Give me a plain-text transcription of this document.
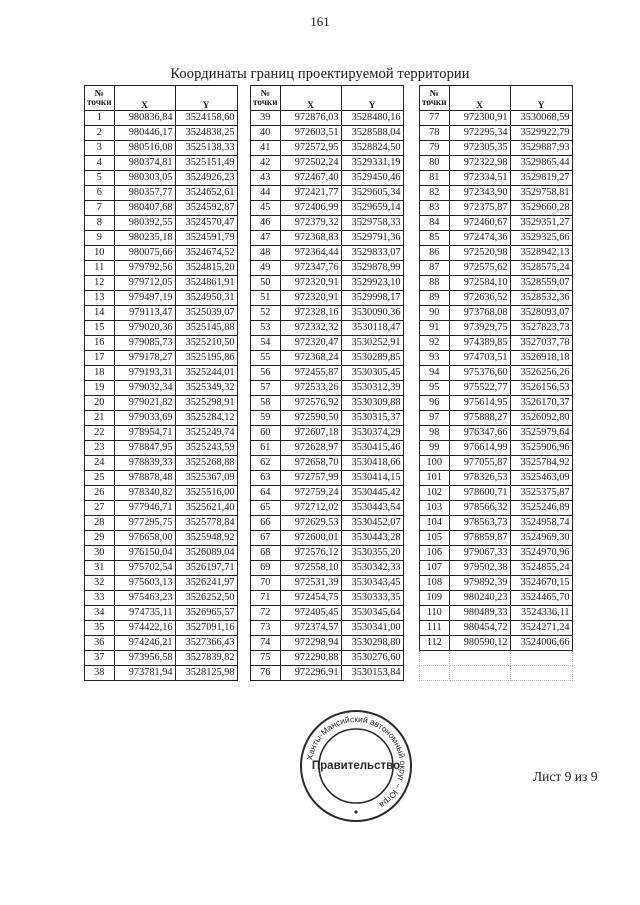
161
Координаты границ проектируемой территории
№
точки	X	Y
1	980836,84	3524158,60
2	980446,17	3524838,25
3	980516,08	3525138,33
4	980374,81	3525151,49
5	980303,05	3524926,23
6	980357,77	3524652,61
7	980407,68	3524592,87
8	980392,55	3524570,47
9	980235,18	3524591,79
10	980075,66	3524674,52
11	979792,56	3524815,20
12	979712,05	3524861,91
13	979497,19	3524950,31
14	979113,47	3525039,07
15	979020,36	3525145,88
16	979085,73	3525210,50
17	979178,27	3525195,86
18	979193,31	3525244,01
19	979032,34	3525349,32
20	979021,82	3525298,91
21	979033,69	3525284,12
22	978954,71	3525249,74
23	978847,95	3525243,59
24	978839,33	3525268,88
25	978878,48	3525367,09
26	978340,82	3525516,00
27	977946,71	3525621,40
28	977295,75	3525778,84
29	976658,00	3525948,92
30	976150,04	3526089,04
31	975702,54	3526197,71
32	975603,13	3526241,97
33	975463,23	3526252,50
34	974735,11	3526965,57
35	974422,16	3527091,16
36	974246,21	3527366,43
37	973956,58	3527839,82
38	973781,94	3528125,98
№
точки	X	Y
39	972876,03	3528480,16
40	972603,51	3528588,04
41	972572,95	3528824,50
42	972502,24	3529331,19
43	972467,40	3529450,46
44	972421,77	3529605,34
45	972406,99	3529659,14
46	972379,32	3529758,33
47	972368,83	3529791,36
48	972364,44	3529833,07
49	972347,76	3529878,99
50	972320,91	3529923,10
51	972320,91	3529998,17
52	972328,16	3530090,36
53	972332,32	3530118,47
54	972320,47	3530252,91
55	972368,24	3530289,85
56	972455,87	3530305,45
57	972533,26	3530312,39
58	972576,92	3530309,88
59	972590,50	3530315,37
60	972607,18	3530374,29
61	972628,97	3530415,46
62	972658,70	3530418,66
63	972757,99	3530414,15
64	972759,24	3530445,42
65	972712,02	3530443,54
66	972629,53	3530452,07
67	972600,01	3530443,28
68	972576,12	3530355,20
69	972558,10	3530342,33
70	972531,39	3530343,45
71	972454,75	3530333,35
72	972405,45	3530345,64
73	972374,57	3530341,00
74	972298,94	3530298,80
75	972290,88	3530276,60
76	972296,91	3530153,84
№
точки	X	Y
77	972300,91	3530068,59
78	972295,34	3529922,79
79	972305,35	3529887,93
80	972322,98	3529865,44
81	972334,51	3529819,27
82	972343,90	3529758,81
83	972375,87	3529660,28
84	972460,67	3529351,27
85	972474,36	3529325,66
86	972520,98	3528942,13
87	972575,62	3528575,24
88	972584,10	3528559,07
89	972636,52	3528532,36
90	973768,08	3528093,07
91	973929,75	3527823,73
92	974389,85	3527037,78
93	974703,51	3526918,18
94	975376,60	3526256,26
95	975522,77	3526156,53
96	975614,95	3526170,37
97	975888,27	3526092,80
98	976347,66	3525979,64
99	976614,99	3525906,96
100	977055,87	3525784,92
101	978326,53	3525463,09
102	978600,71	3525375,87
103	978566,32	3525246,89
104	978563,73	3524958,74
105	978859,87	3524969,30
106	979067,33	3524970,96
107	979502,38	3524855,24
108	979892,39	3524670,15
109	980240,23	3524465,70
110	980489,33	3524336,11
111	980454,72	3524271,24
112	980590,12	3524006,66

Ханты-Мансийский автономный округ – Югра
Правительство
Лист 9 из 9
